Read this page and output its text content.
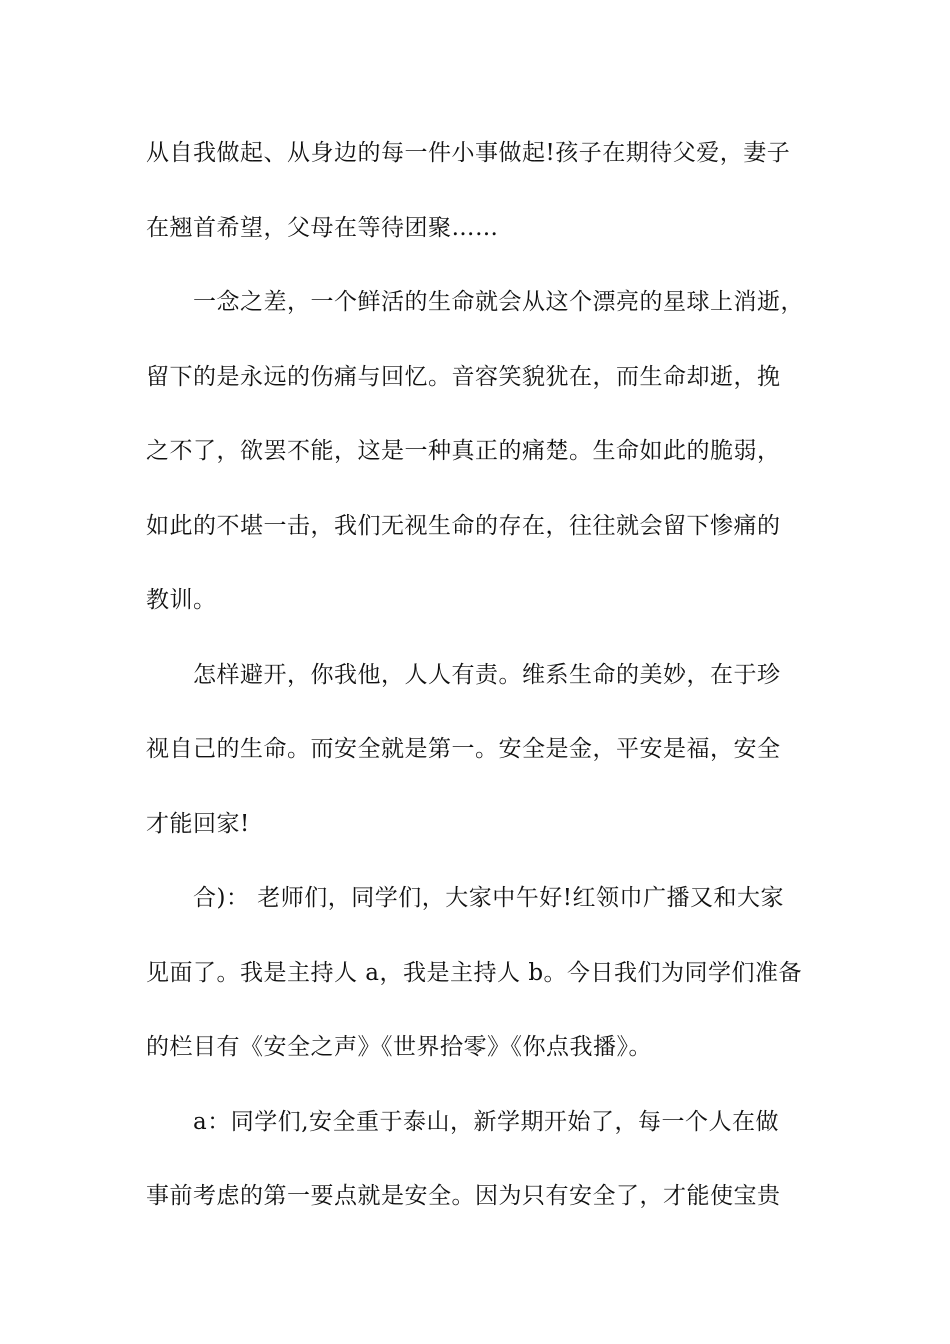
从自我做起、从身边的每一件小事做起!孩子在期待父爱，妻子
在翘首希望，父母在等待团聚……
一念之差，一个鲜活的生命就会从这个漂亮的星球上消逝，
留下的是永远的伤痛与回忆。音容笑貌犹在，而生命却逝，挽
之不了，欲罢不能，这是一种真正的痛楚。生命如此的脆弱，
如此的不堪一击，我们无视生命的存在，往往就会留下惨痛的
教训。
怎样避开，你我他，人人有责。维系生命的美妙，在于珍
视自己的生命。而安全就是第一。安全是金，平安是福，安全
才能回家!
合)： 老师们，同学们，大家中午好!红领巾广播又和大家
见面了。我是主持人 a，我是主持人 b。今日我们为同学们准备
的栏目有《安全之声》《世界拾零》《你点我播》。
a：同学们,安全重于泰山，新学期开始了，每一个人在做
事前考虑的第一要点就是安全。因为只有安全了，才能使宝贵
